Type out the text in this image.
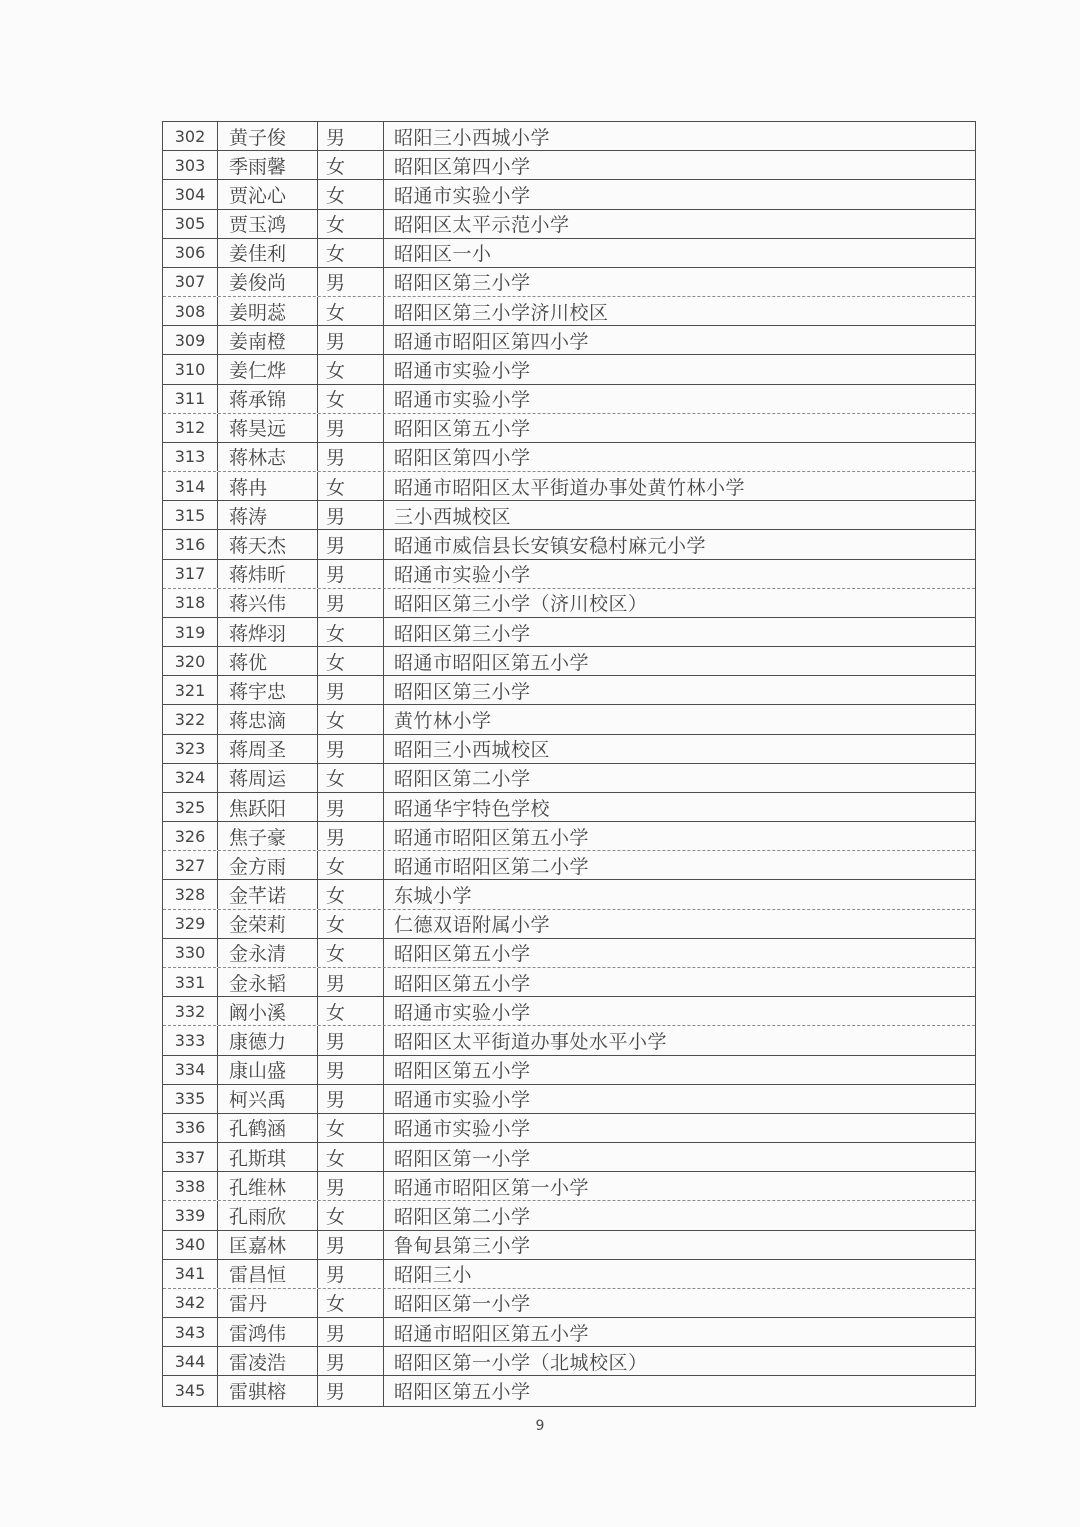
302	黄子俊	男	昭阳三小西城小学
303	季雨馨	女	昭阳区第四小学
304	贾沁心	女	昭通市实验小学
305	贾玉鸿	女	昭阳区太平示范小学
306	姜佳利	女	昭阳区一小
307	姜俊尚	男	昭阳区第三小学
308	姜明蕊	女	昭阳区第三小学济川校区
309	姜南橙	男	昭通市昭阳区第四小学
310	姜仁烨	女	昭通市实验小学
311	蒋承锦	女	昭通市实验小学
312	蒋昊远	男	昭阳区第五小学
313	蒋林志	男	昭阳区第四小学
314	蒋冉	女	昭通市昭阳区太平街道办事处黄竹林小学
315	蒋涛	男	三小西城校区
316	蒋天杰	男	昭通市威信县长安镇安稳村麻元小学
317	蒋炜昕	男	昭通市实验小学
318	蒋兴伟	男	昭阳区第三小学（济川校区）
319	蒋烨羽	女	昭阳区第三小学
320	蒋优	女	昭通市昭阳区第五小学
321	蒋宇忠	男	昭阳区第三小学
322	蒋忠滴	女	黄竹林小学
323	蒋周圣	男	昭阳三小西城校区
324	蒋周运	女	昭阳区第二小学
325	焦跃阳	男	昭通华宇特色学校
326	焦子豪	男	昭通市昭阳区第五小学
327	金方雨	女	昭通市昭阳区第二小学
328	金芊诺	女	东城小学
329	金荣莉	女	仁德双语附属小学
330	金永清	女	昭阳区第五小学
331	金永韬	男	昭阳区第五小学
332	阚小溪	女	昭通市实验小学
333	康德力	男	昭阳区太平街道办事处水平小学
334	康山盛	男	昭阳区第五小学
335	柯兴禹	男	昭通市实验小学
336	孔鹤涵	女	昭通市实验小学
337	孔斯琪	女	昭阳区第一小学
338	孔维林	男	昭通市昭阳区第一小学
339	孔雨欣	女	昭阳区第二小学
340	匡嘉林	男	鲁甸县第三小学
341	雷昌恒	男	昭阳三小
342	雷丹	女	昭阳区第一小学
343	雷鸿伟	男	昭通市昭阳区第五小学
344	雷凌浩	男	昭阳区第一小学（北城校区）
345	雷骐榕	男	昭阳区第五小学
9
